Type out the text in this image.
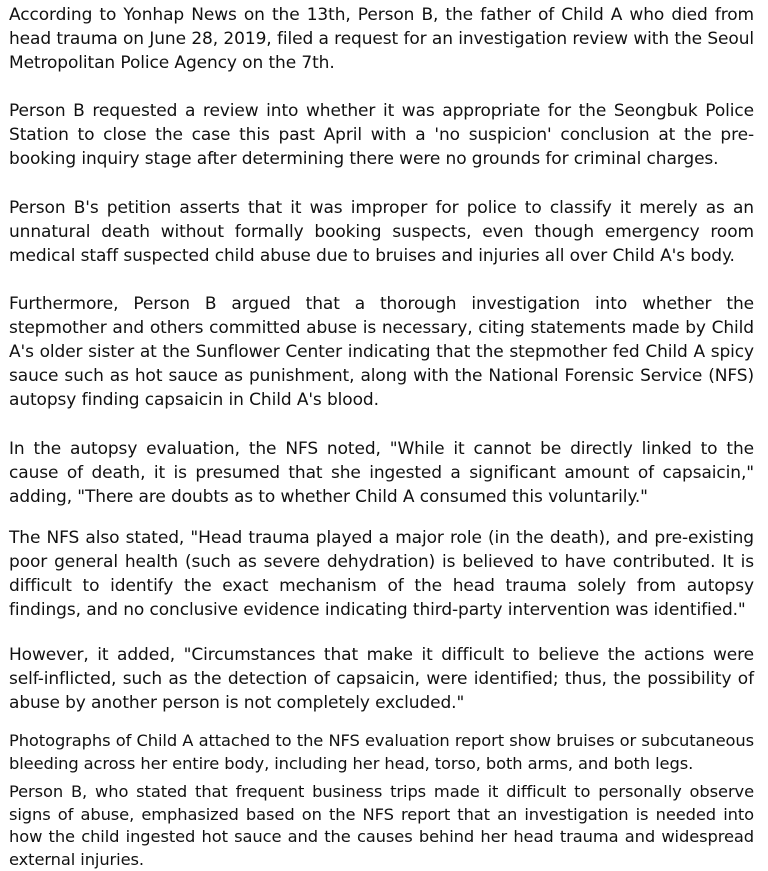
According to Yonhap News on the 13th, Person B, the father of Child A who died from head trauma on June 28, 2019, filed a request for an investigation review with the Seoul Metropolitan Police Agency on the 7th.

Person B requested a review into whether it was appropriate for the Seongbuk Police Station to close the case this past April with a 'no suspicion' conclusion at the pre-booking inquiry stage after determining there were no grounds for criminal charges.

Person B's petition asserts that it was improper for police to classify it merely as an unnatural death without formally booking suspects, even though emergency room medical staff suspected child abuse due to bruises and injuries all over Child A's body.

Furthermore, Person B argued that a thorough investigation into whether the stepmother and others committed abuse is necessary, citing statements made by Child A's older sister at the Sunflower Center indicating that the stepmother fed Child A spicy sauce such as hot sauce as punishment, along with the National Forensic Service (NFS) autopsy finding capsaicin in Child A's blood.

In the autopsy evaluation, the NFS noted, "While it cannot be directly linked to the cause of death, it is presumed that she ingested a significant amount of capsaicin," adding, "There are doubts as to whether Child A consumed this voluntarily."

The NFS also stated, "Head trauma played a major role (in the death), and pre-existing poor general health (such as severe dehydration) is believed to have contributed. It is difficult to identify the exact mechanism of the head trauma solely from autopsy findings, and no conclusive evidence indicating third-party intervention was identified."

However, it added, "Circumstances that make it difficult to believe the actions were self-inflicted, such as the detection of capsaicin, were identified; thus, the possibility of abuse by another person is not completely excluded."

Photographs of Child A attached to the NFS evaluation report show bruises or subcutaneous bleeding across her entire body, including her head, torso, both arms, and both legs.

Person B, who stated that frequent business trips made it difficult to personally observe signs of abuse, emphasized based on the NFS report that an investigation is needed into how the child ingested hot sauce and the causes behind her head trauma and widespread external injuries.
